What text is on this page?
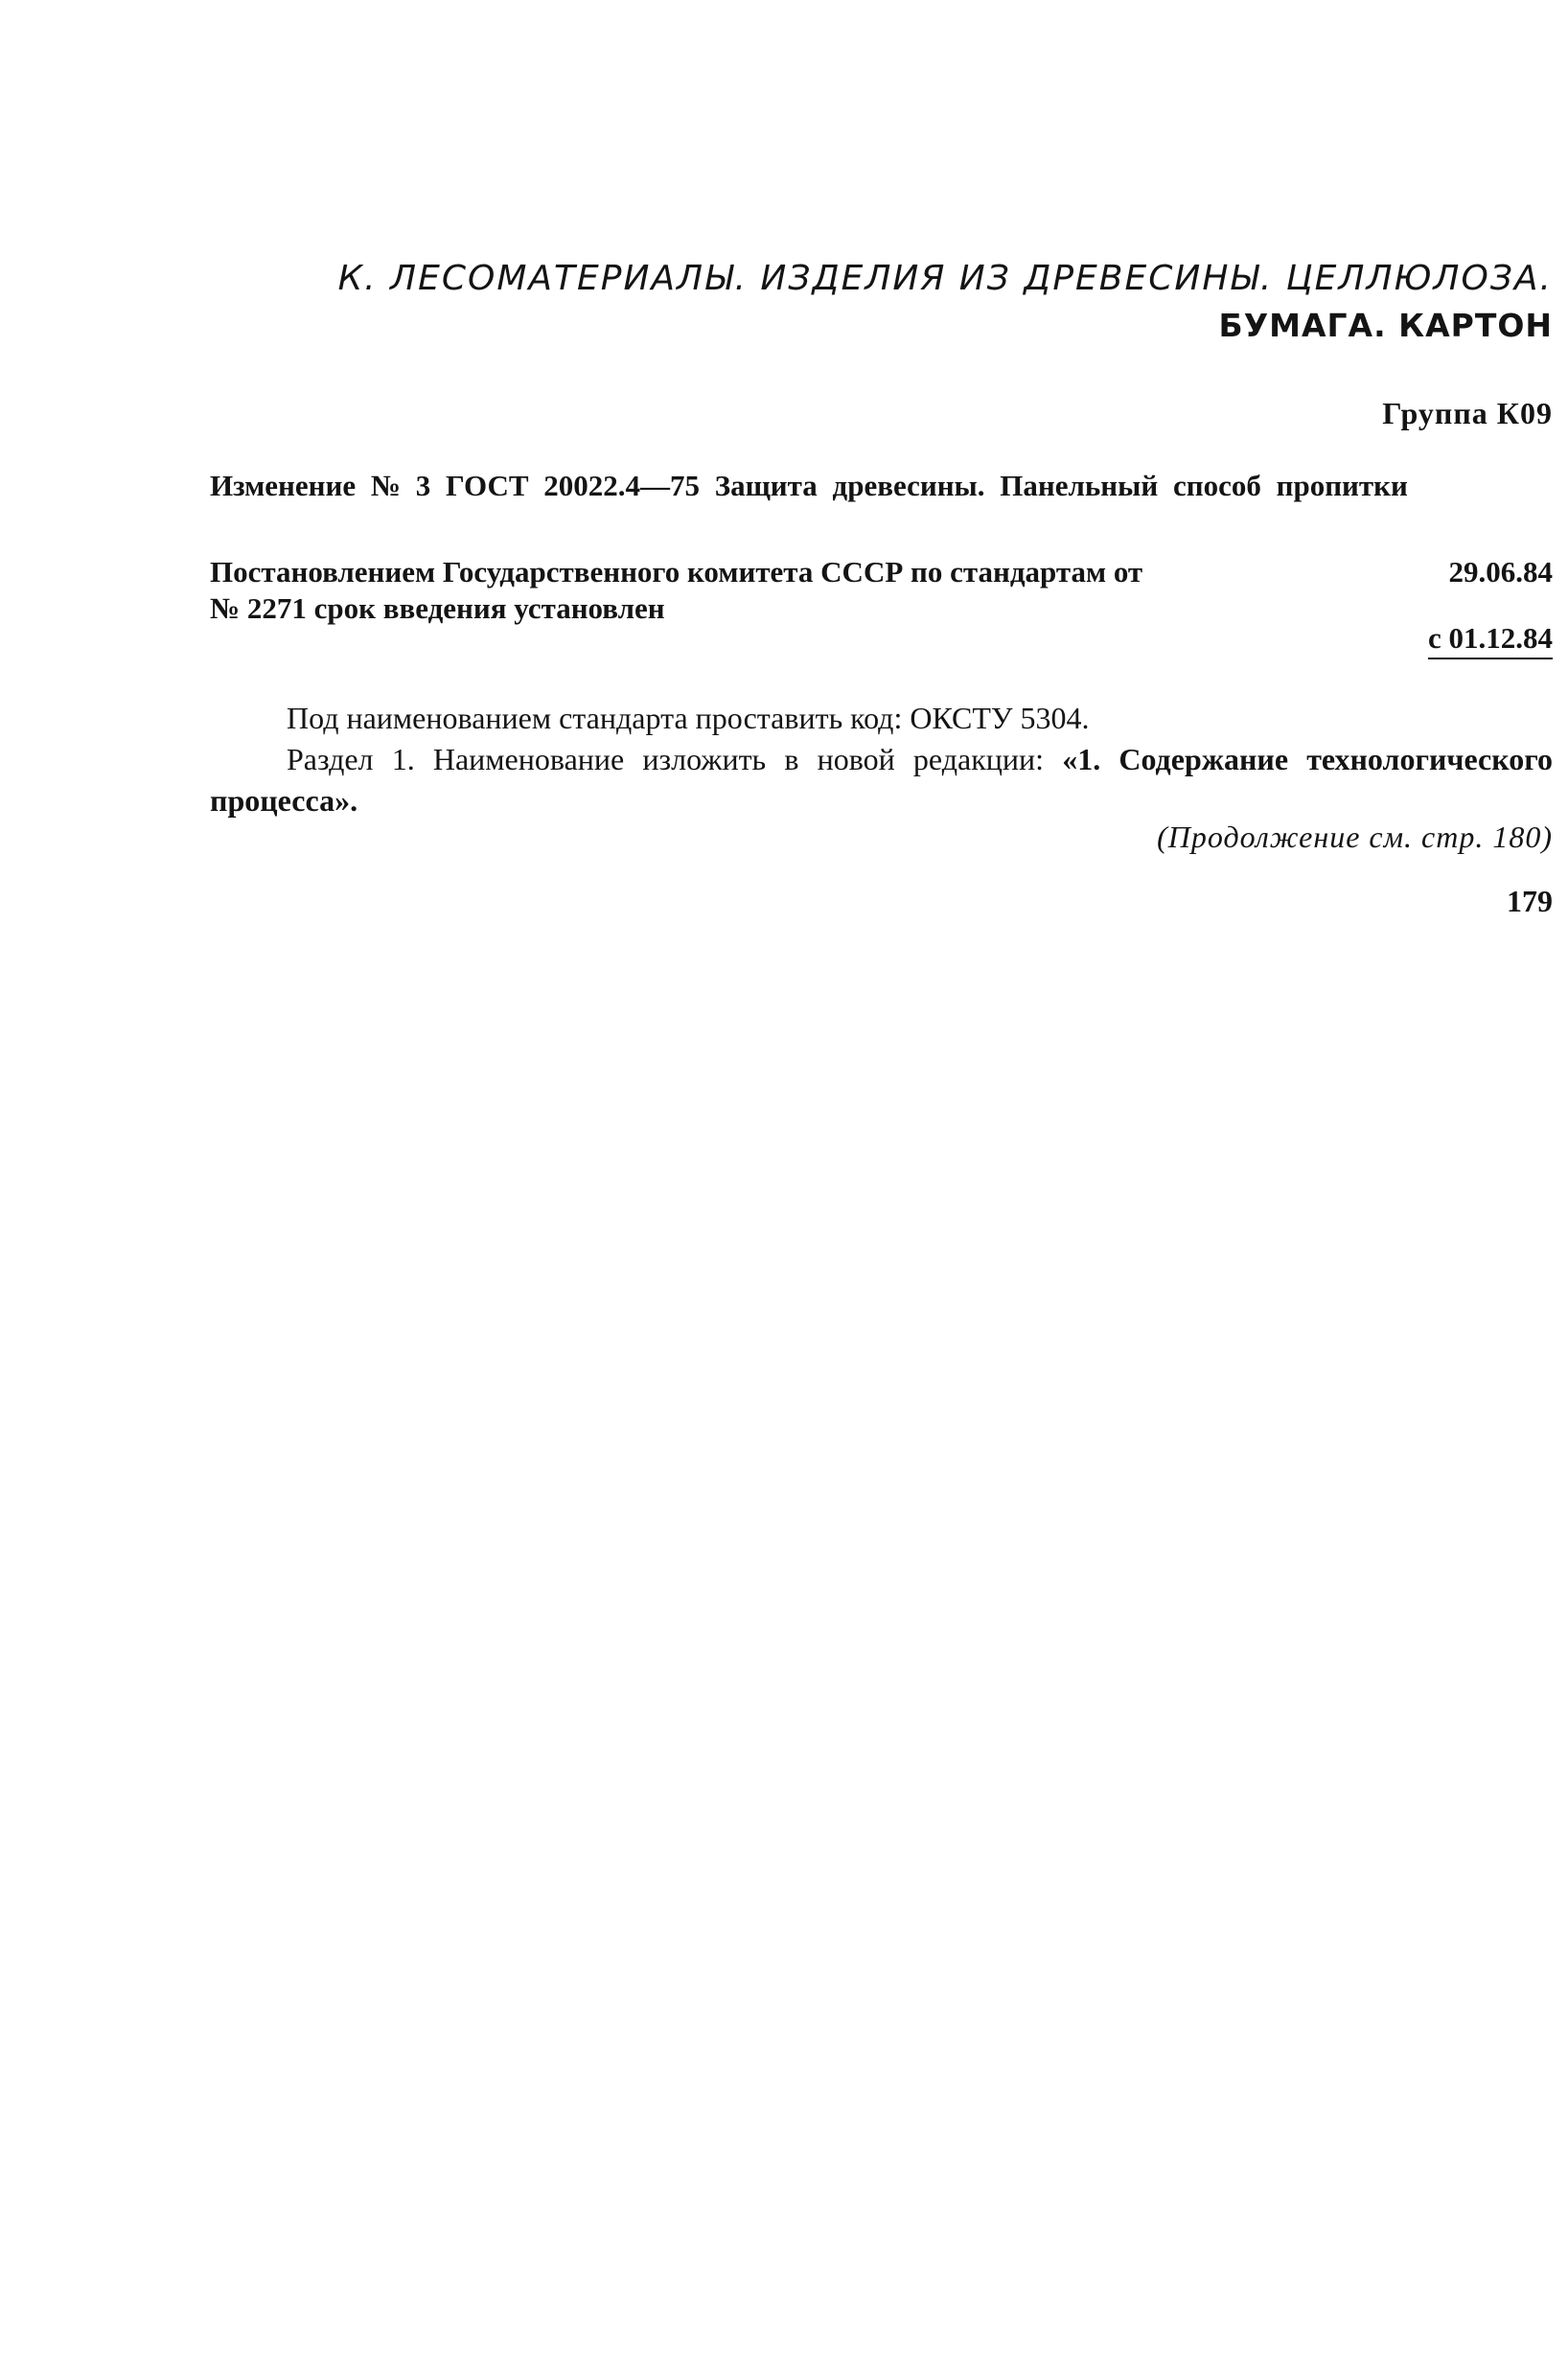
К. ЛЕСОМАТЕРИАЛЫ. ИЗДЕЛИЯ ИЗ ДРЕВЕСИНЫ. ЦЕЛЛЮЛОЗА.
БУМАГА. КАРТОН
Группа К09
Изменение № 3 ГОСТ 20022.4—75 Защита древесины. Панельный способ пропитки
Постановлением Государственного комитета СССР по стандартам от	29.06.84
№ 2271 срок введения установлен
с 01.12.84

Под наименованием стандарта проставить код: ОКСТУ 5304.

Раздел 1. Наименование изложить в новой редакции: «1. Содержание технологического процесса».

(Продолжение см. стр. 180)
179
